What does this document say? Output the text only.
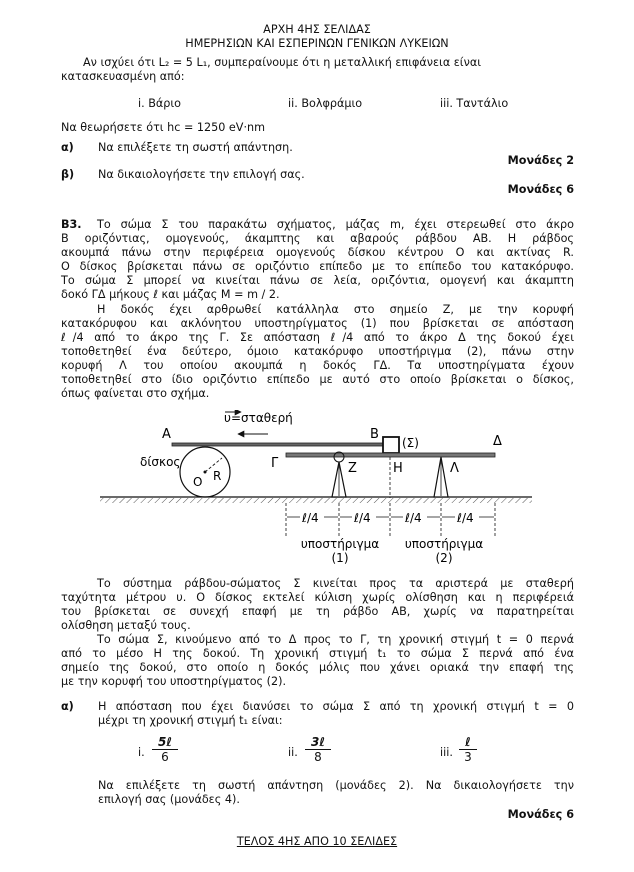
ΑΡΧΗ 4ΗΣ ΣΕΛΙΔΑΣ
ΗΜΕΡΗΣΙΩΝ ΚΑΙ ΕΣΠΕΡΙΝΩΝ ΓΕΝΙΚΩΝ ΛΥΚΕΙΩΝ
Αν ισχύει ότι L₂ = 5 L₁, συμπεραίνουμε ότι η μεταλλική επιφάνεια είναι
κατασκευασμένη από:
i. Βάριο	ii. Βολφράμιο	iii. Ταντάλιο
Να θεωρήσετε ότι hc = 1250 eV·nm
α) Να επιλέξετε τη σωστή απάντηση.
Μονάδες 2
β) Να δικαιολογήσετε την επιλογή σας.
Μονάδες 6
Β3. Το σώμα Σ του παρακάτω σχήματος, μάζας m, έχει στερεωθεί στο άκρο
Β οριζόντιας, ομογενούς, άκαμπτης και αβαρούς ράβδου ΑΒ. Η ράβδος
ακουμπά πάνω στην περιφέρεια ομογενούς δίσκου κέντρου Ο και ακτίνας R.
Ο δίσκος βρίσκεται πάνω σε οριζόντιο επίπεδο με το επίπεδο του κατακόρυφο.
Το σώμα Σ μπορεί να κινείται πάνω σε λεία, οριζόντια, ομογενή και άκαμπτη
δοκό ΓΔ μήκους ℓ και μάζας M = m / 2.
Η δοκός έχει αρθρωθεί κατάλληλα στο σημείο Ζ, με την κορυφή
κατακόρυφου και ακλόνητου υποστηρίγματος (1) που βρίσκεται σε απόσταση
ℓ/4 από το άκρο της Γ. Σε απόσταση ℓ/4 από το άκρο Δ της δοκού έχει
τοποθετηθεί ένα δεύτερο, όμοιο κατακόρυφο υποστήριγμα (2), πάνω στην
κορυφή Λ του οποίου ακουμπά η δοκός ΓΔ. Τα υποστηρίγματα έχουν
τοποθετηθεί στο ίδιο οριζόντιο επίπεδο με αυτό στο οποίο βρίσκεται ο δίσκος,
όπως φαίνεται στο σχήμα.
υ=σταθερή
Α	Β
(Σ)
Γ
Δ
δίσκος
O R	Ζ	Η	Λ
ℓ/4	ℓ/4	ℓ/4	ℓ/4
υποστήριγμα
(1)
υποστήριγμα
(2)
Το σύστημα ράβδου-σώματος Σ κινείται προς τα αριστερά με σταθερή
ταχύτητα μέτρου υ. Ο δίσκος εκτελεί κύλιση χωρίς ολίσθηση και η περιφέρειά
του βρίσκεται σε συνεχή επαφή με τη ράβδο ΑΒ, χωρίς να παρατηρείται
ολίσθηση μεταξύ τους.
Το σώμα Σ, κινούμενο από το Δ προς το Γ, τη χρονική στιγμή t = 0 περνά
από το μέσο Η της δοκού. Τη χρονική στιγμή t₁ το σώμα Σ περνά από ένα
σημείο της δοκού, στο οποίο η δοκός μόλις που χάνει οριακά την επαφή της
με την κορυφή του υποστηρίγματος (2).
α) Η απόσταση που έχει διανύσει το σώμα Σ από τη χρονική στιγμή t = 0
μέχρι τη χρονική στιγμή t₁ είναι:
i.
5ℓ
6	ii.
3ℓ
8	iii.
ℓ
3
Να επιλέξετε τη σωστή απάντηση (μονάδες 2). Να δικαιολογήσετε την
επιλογή σας (μονάδες 4).
Μονάδες 6
ΤΕΛΟΣ 4ΗΣ ΑΠΟ 10 ΣΕΛΙΔΕΣ
